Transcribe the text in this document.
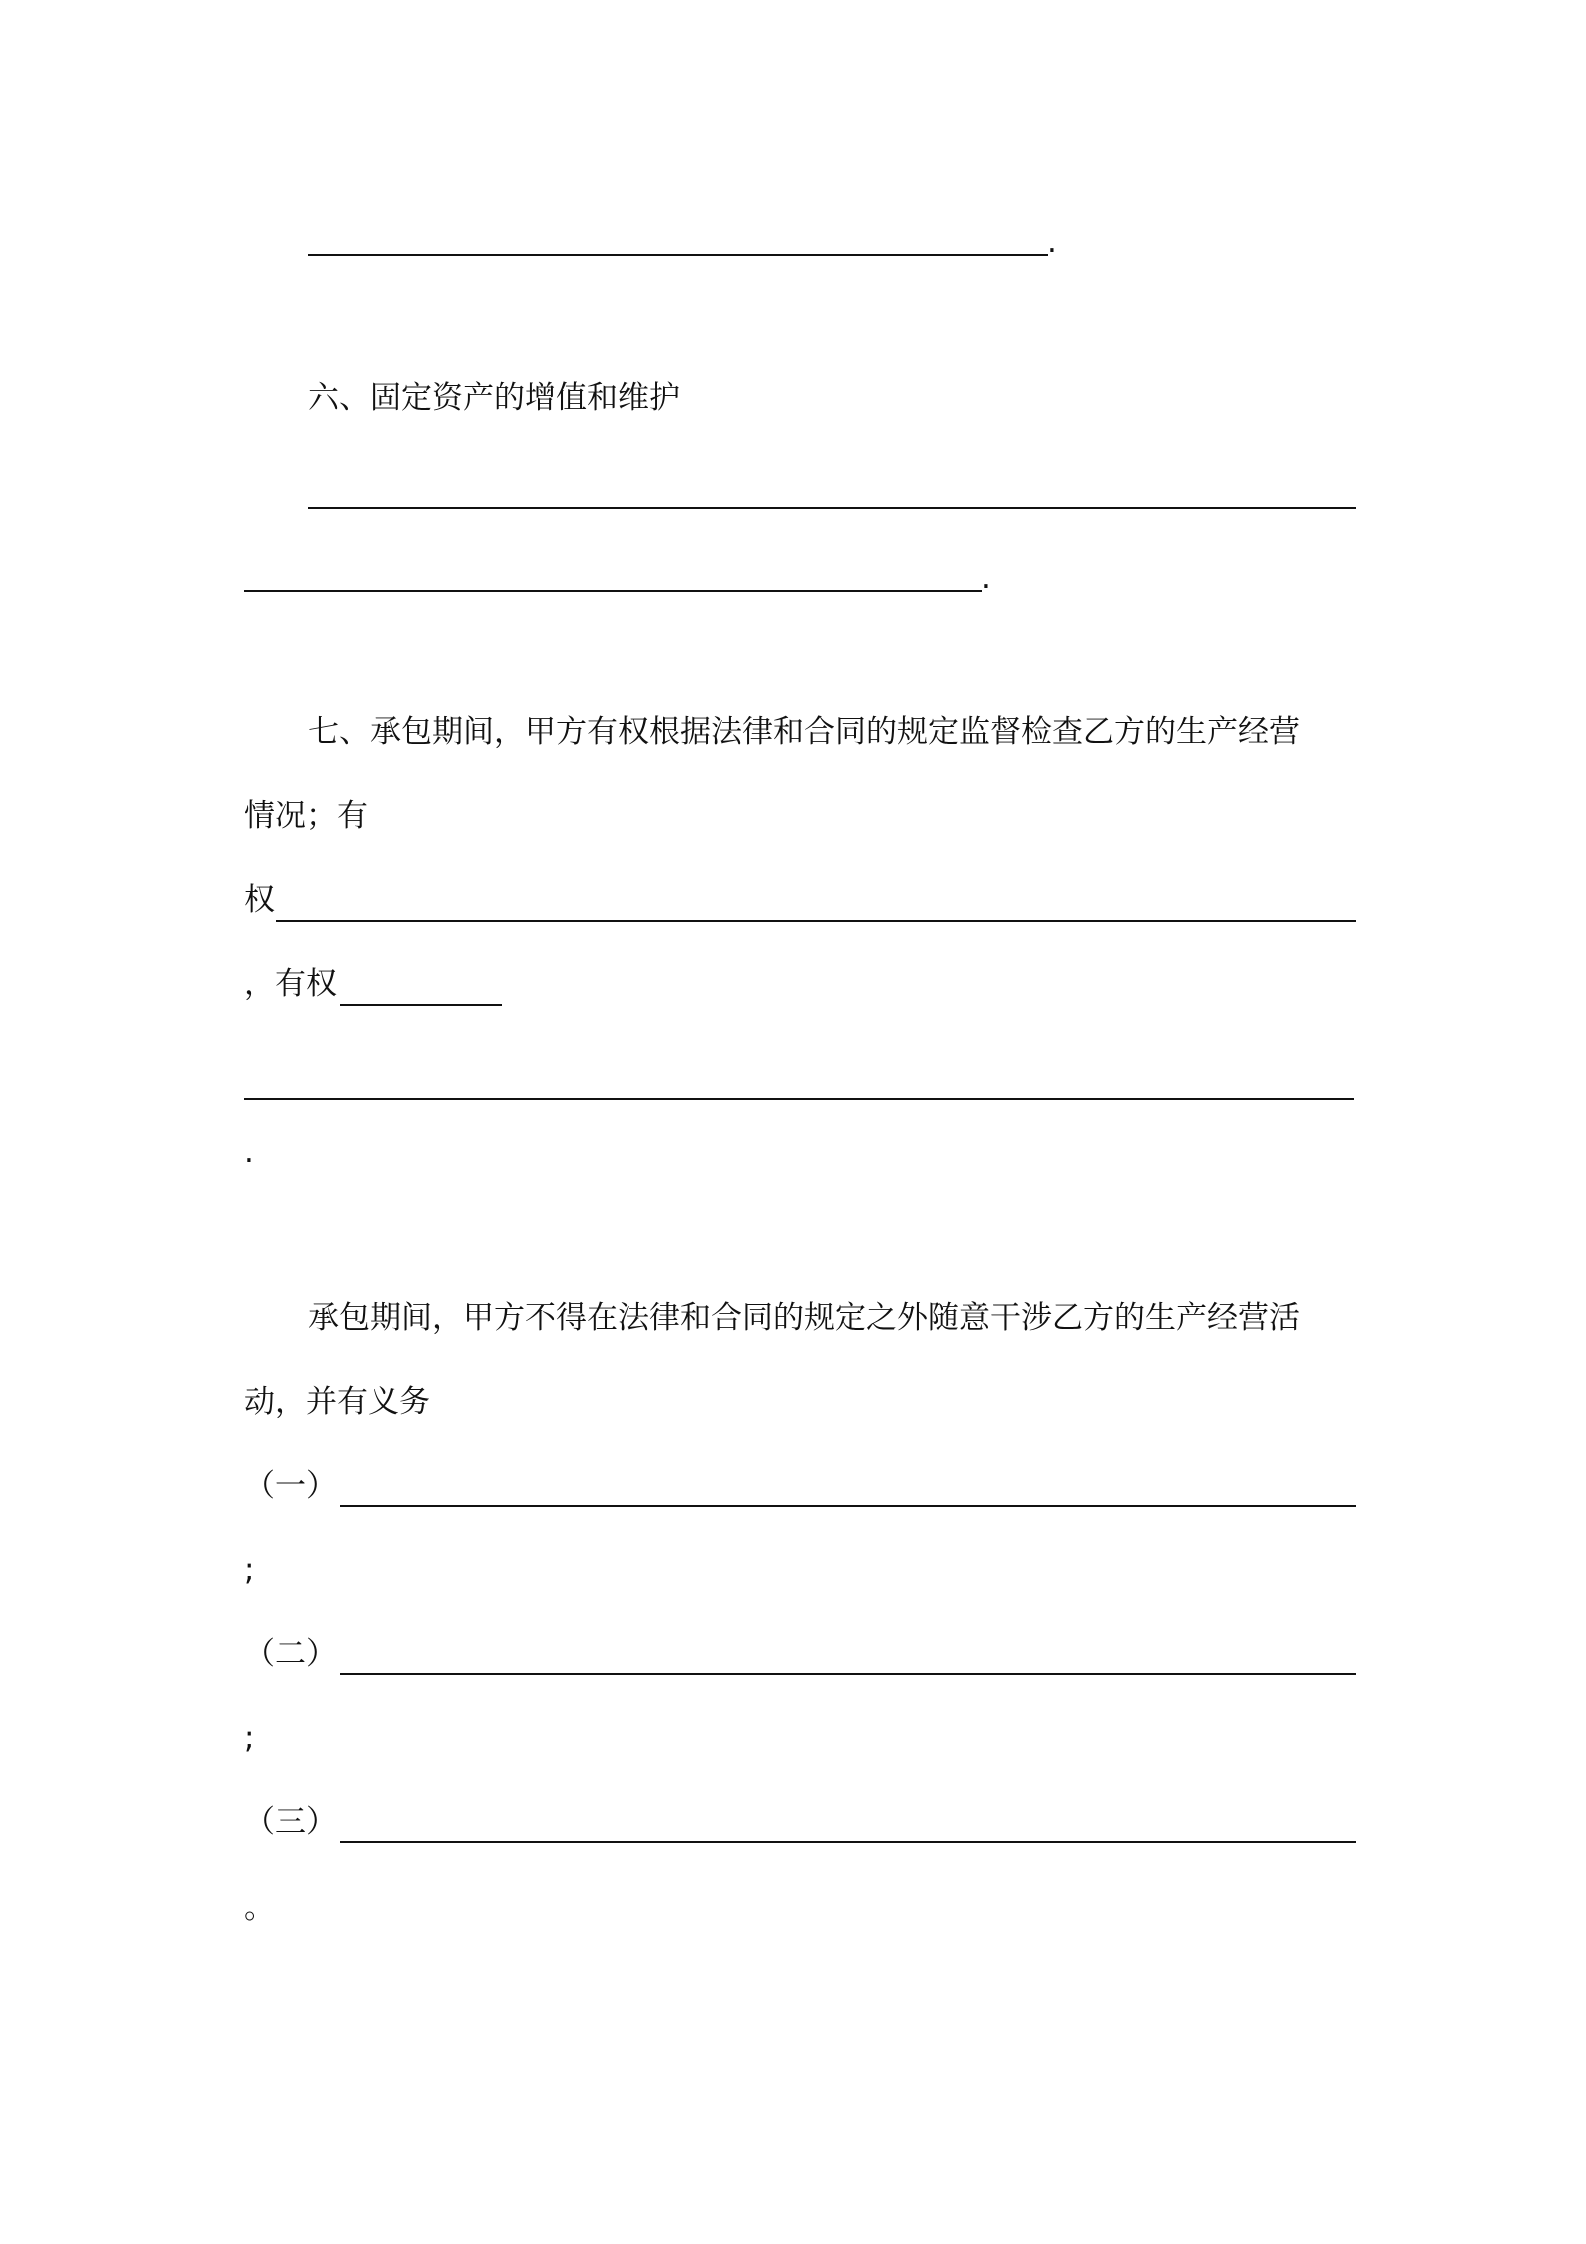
.

六、固定资产的增值和维护

.

七、承包期间，甲方有权根据法律和合同的规定监督检查乙方的生产经营

情况；有

权

，有权

.

承包期间，甲方不得在法律和合同的规定之外随意干涉乙方的生产经营活

动，并有义务

（一）

;

（二）

;

（三）

。
